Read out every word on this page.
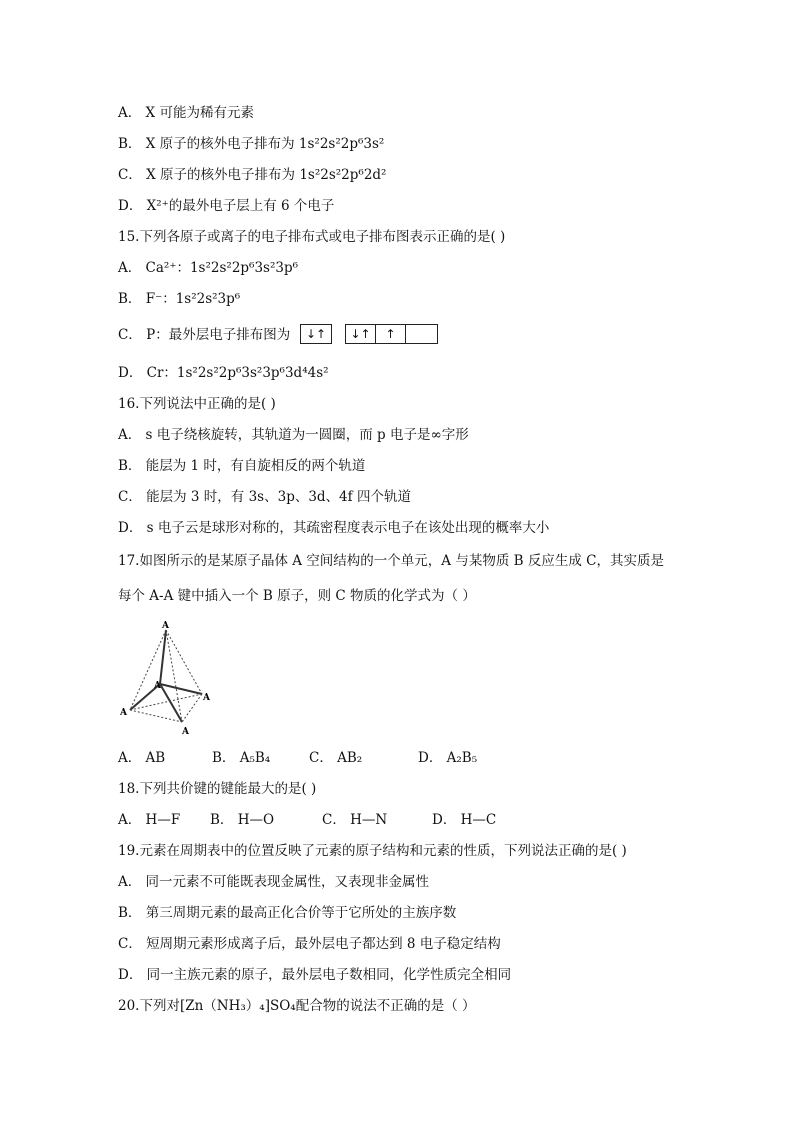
A． X 可能为稀有元素
B． X 原子的核外电子排布为 1s²2s²2p⁶3s²
C． X 原子的核外电子排布为 1s²2s²2p⁶2d²
D． X²⁺的最外电子层上有 6 个电子
15.下列各原子或离子的电子排布式或电子排布图表示正确的是( )
A． Ca²⁺：1s²2s²2p⁶3s²3p⁶
B． F⁻：1s²2s²3p⁶
C． P：最外层电子排布图为	↓↑	↓↑	↑
D． Cr：1s²2s²2p⁶3s²3p⁶3d⁴4s²
16.下列说法中正确的是( )
A． s 电子绕核旋转，其轨道为一圆圈，而 p 电子是∞字形
B． 能层为 1 时，有自旋相反的两个轨道
C． 能层为 3 时，有 3s、3p、3d、4f 四个轨道
D． s 电子云是球形对称的，其疏密程度表示电子在该处出现的概率大小
17.如图所示的是某原子晶体 A 空间结构的一个单元，A 与某物质 B 反应生成 C，其实质是
每个 A-A 键中插入一个 B 原子，则 C 物质的化学式为（ ）
A
A
A
A
A
A． AB	B． A₅B₄	C． AB₂	D． A₂B₅
18.下列共价键的键能最大的是( )
A． H—F B． H—O	C． H—N	D． H—C
19.元素在周期表中的位置反映了元素的原子结构和元素的性质，下列说法正确的是( )
A． 同一元素不可能既表现金属性，又表现非金属性
B． 第三周期元素的最高正化合价等于它所处的主族序数
C． 短周期元素形成离子后，最外层电子都达到 8 电子稳定结构
D． 同一主族元素的原子，最外层电子数相同，化学性质完全相同
20.下列对[Zn（NH₃）₄]SO₄配合物的说法不正确的是（ ）
